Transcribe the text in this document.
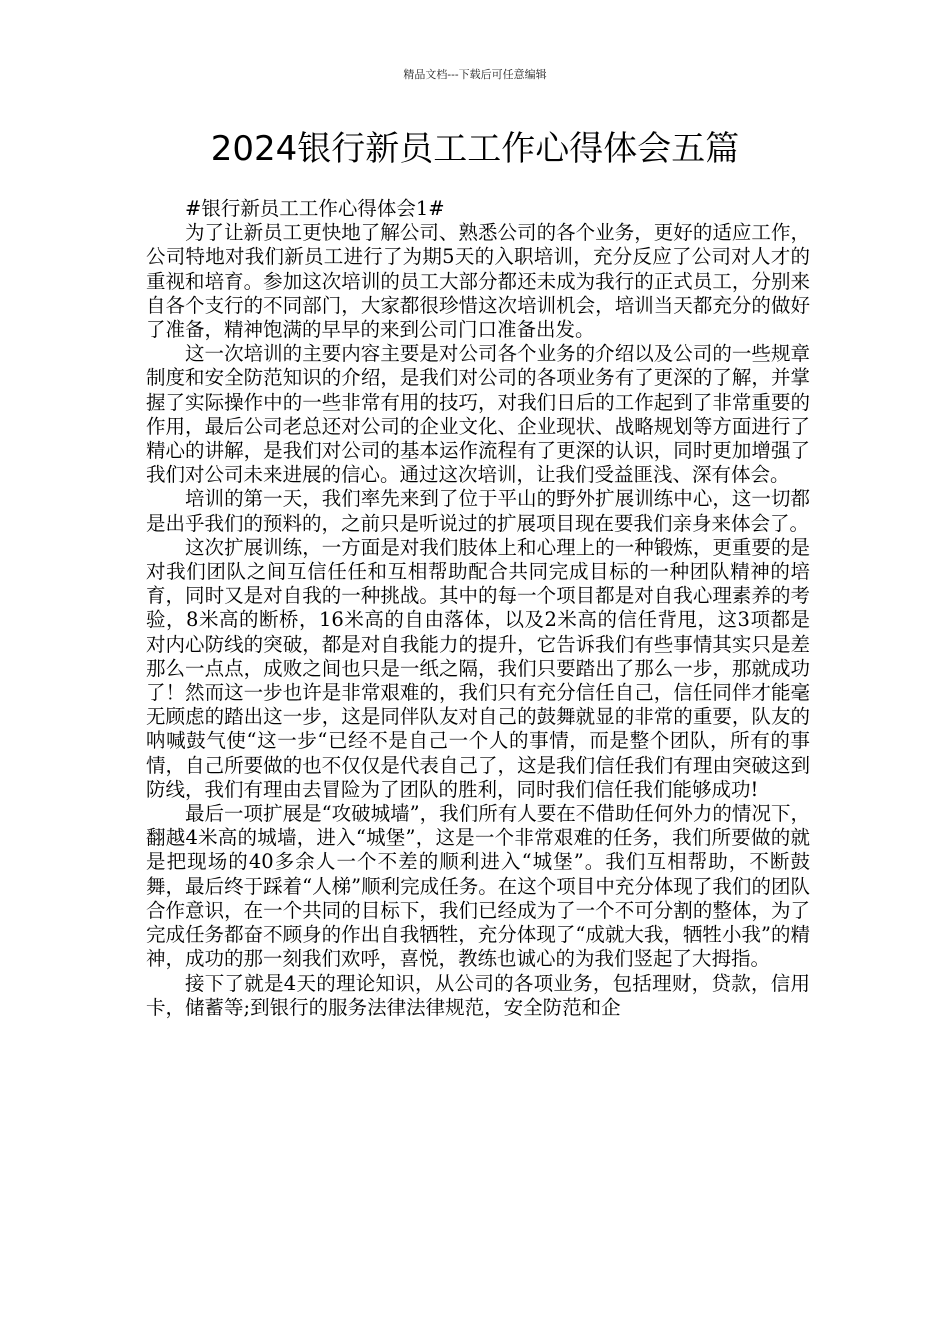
精品文档---下载后可任意编辑
2024银行新员工工作心得体会五篇

#银行新员工工作心得体会1#

为了让新员工更快地了解公司、熟悉公司的各个业务，更好的适应工作，公司特地对我们新员工进行了为期5天的入职培训，充分反应了公司对人才的重视和培育。参加这次培训的员工大部分都还未成为我行的正式员工，分别来自各个支行的不同部门，大家都很珍惜这次培训机会，培训当天都充分的做好了准备，精神饱满的早早的来到公司门口准备出发。

这一次培训的主要内容主要是对公司各个业务的介绍以及公司的一些规章制度和安全防范知识的介绍，是我们对公司的各项业务有了更深的了解，并掌握了实际操作中的一些非常有用的技巧，对我们日后的工作起到了非常重要的作用，最后公司老总还对公司的企业文化、企业现状、战略规划等方面进行了精心的讲解，是我们对公司的基本运作流程有了更深的认识，同时更加增强了我们对公司未来进展的信心。通过这次培训，让我们受益匪浅、深有体会。

培训的第一天，我们率先来到了位于平山的野外扩展训练中心，这一切都是出乎我们的预料的，之前只是听说过的扩展项目现在要我们亲身来体会了。

这次扩展训练，一方面是对我们肢体上和心理上的一种锻炼，更重要的是对我们团队之间互信任任和互相帮助配合共同完成目标的一种团队精神的培育，同时又是对自我的一种挑战。其中的每一个项目都是对自我心理素养的考验，8米高的断桥，16米高的自由落体，以及2米高的信任背甩，这3项都是对内心防线的突破，都是对自我能力的提升，它告诉我们有些事情其实只是差那么一点点，成败之间也只是一纸之隔，我们只要踏出了那么一步，那就成功了！然而这一步也许是非常艰难的，我们只有充分信任自己，信任同伴才能毫无顾虑的踏出这一步，这是同伴队友对自己的鼓舞就显的非常的重要，队友的呐喊鼓气使“这一步“已经不是自己一个人的事情，而是整个团队，所有的事情，自己所要做的也不仅仅是代表自己了，这是我们信任我们有理由突破这到防线，我们有理由去冒险为了团队的胜利，同时我们信任我们能够成功!

最后一项扩展是“攻破城墙”，我们所有人要在不借助任何外力的情况下，翻越4米高的城墙，进入“城堡”，这是一个非常艰难的任务，我们所要做的就是把现场的40多余人一个不差的顺利进入“城堡”。我们互相帮助，不断鼓舞，最后终于踩着“人梯”顺利完成任务。在这个项目中充分体现了我们的团队合作意识，在一个共同的目标下，我们已经成为了一个不可分割的整体，为了完成任务都奋不顾身的作出自我牺牲，充分体现了“成就大我，牺牲小我”的精神，成功的那一刻我们欢呼，喜悦，教练也诚心的为我们竖起了大拇指。

接下了就是4天的理论知识，从公司的各项业务，包括理财，贷款，信用卡，储蓄等;到银行的服务法律法律规范，安全防范和企
